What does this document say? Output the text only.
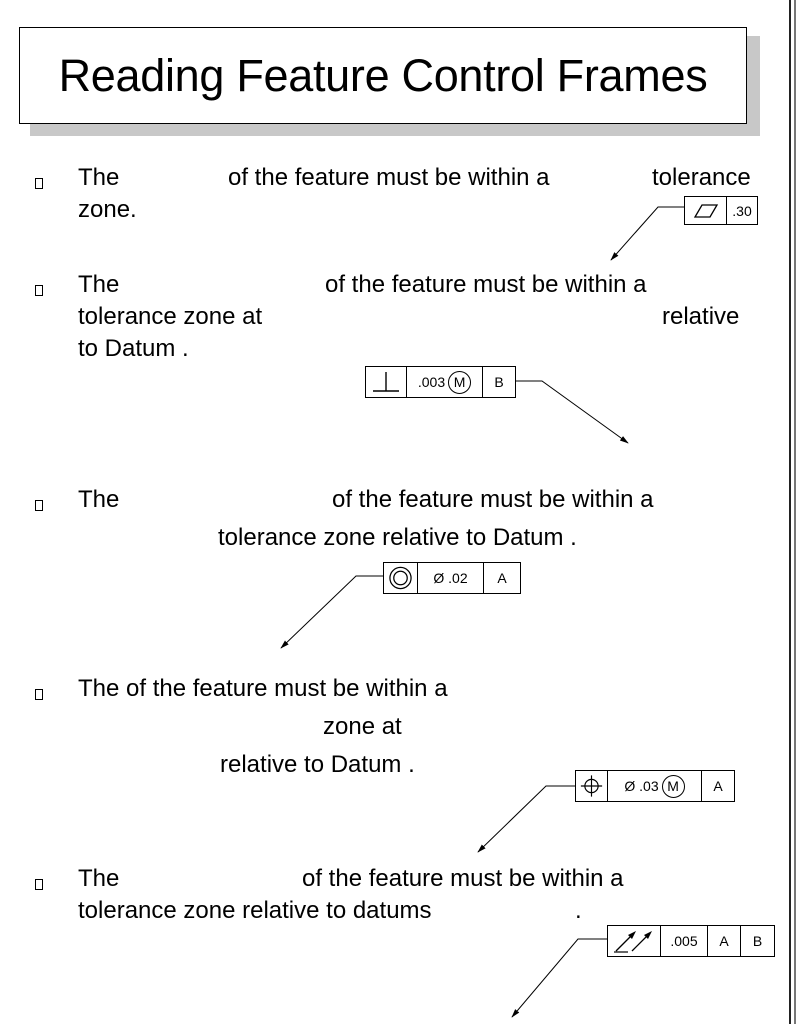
Reading Feature Control Frames
The	of the feature must be within a	tolerance
zone.	.30
The	of the feature must be within a
tolerance zone at	relative
to Datum .
.003 M	B
The	of the feature must be within a
tolerance zone relative to Datum .
Ø
.02	A
The of the feature must be within a
zone at
relative to Datum .
Ø
.03 M	A
The	of the feature must be within a
tolerance zone relative to datums	.
.005	A	B
